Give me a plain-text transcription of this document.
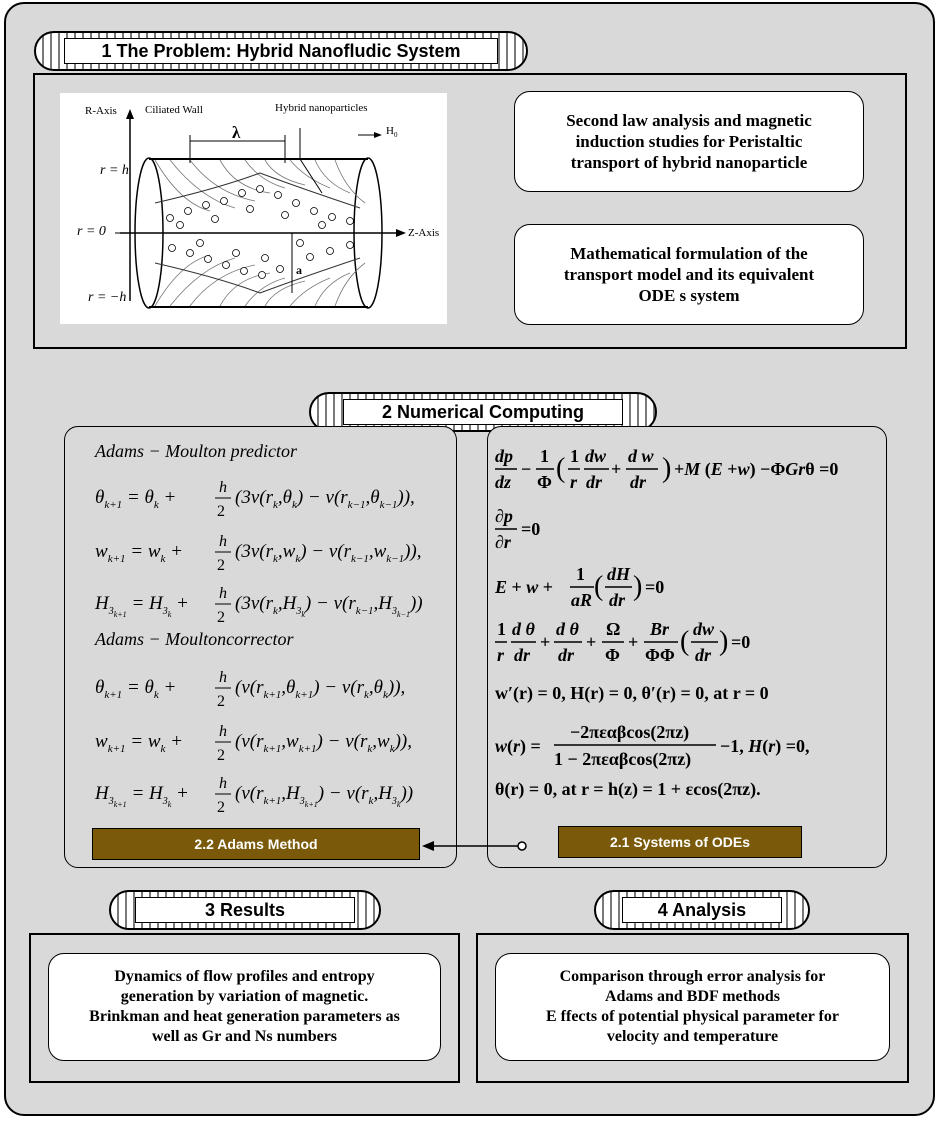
1 The Problem: Hybrid Nanofludic System
R-Axis	Ciliated Wall	Hybrid nanoparticles
λ	$H_0$
r = h
r = 0
r = −h
Z-Axis
a
Second law analysis and magnetic
induction studies for Peristaltic
transport of hybrid nanoparticle
Mathematical formulation of the
transport model and its equivalent
ODE s system
2 Numerical Computing
Adams − Moulton predictor
Adams − Moultoncorrector
$\theta_{k+1} = \theta_k$ +	h
2
$(3v(r_k,\theta_k) - v(r_{k-1},\theta_{k-1}))$,
$w_{k+1} = w_k + h$
2
$(3v(r_k,w_k) - v(r_{k-1},w_{k-1}))$,
$H_3k+1 = H_3k + h$
2
$(3v(r_k,H_3k) - v(r_{k-1},H_3k-1))$
$\theta_{k+1} = \theta_k$ +	h
2
$(v(r_{k+1},\theta_{k+1}) - v(r_k,\theta_k))$,
$w_{k+1} = w_k + h$
2
$(v(r_{k+1},w_{k+1}) - v(r_k,w_k))$,
$H_3k+1 = H_3k + h$
2
$(v(r_{k+1},H_3k+1) - v(r_k,H_3k))$
2.2 Adams Method
dp
dz
−
1
Φ ( 1
r
dw
dr
+
d w
dr ) +M (E +w) −ΦGrθ =0
∂p
∂r
=0
E + w +
1
aR ( dH
dr ) =0
1
r
d θ
dr
+
d θ
dr
+
Ω
Φ
+
Br
ΦΦ ( dw
dr ) =0
w(r) =
−2πεαβcos(2πz)
1 − 2πεαβcos(2πz)
−1, H(r) =0,
w′(r) = 0, H(r) = 0, θ′(r) = 0, at r = 0
θ(r) = 0, at r = h(z) = 1 + εcos(2πz).
2.1 Systems of ODEs
3 Results
Dynamics of flow profiles and entropy
generation by variation of magnetic.
Brinkman and heat generation parameters as
well as Gr and Ns numbers
4 Analysis
Comparison through error analysis for
Adams and BDF methods
E ffects of potential physical parameter for
velocity and temperature
